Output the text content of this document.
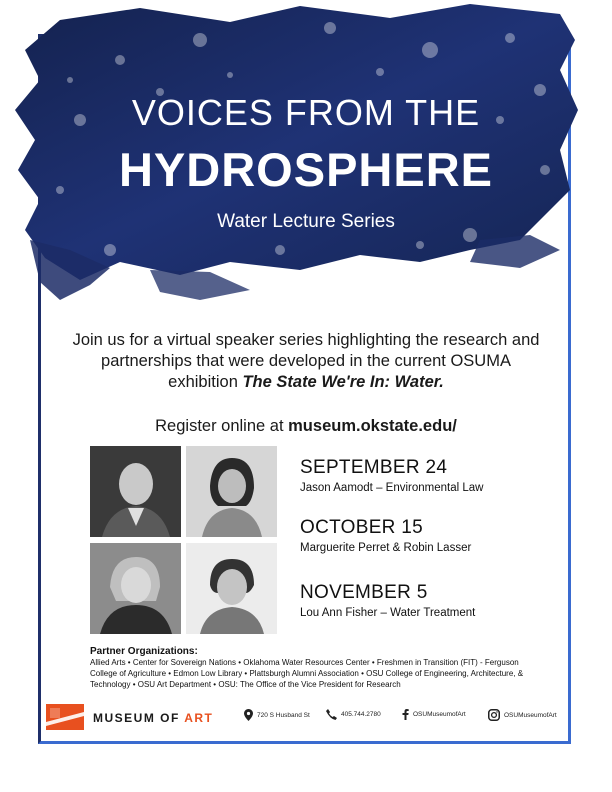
VOICES FROM THE
HYDROSPHERE
Water Lecture Series
Join us for a virtual speaker series highlighting the research and partnerships that were developed in the current OSUMA exhibition The State We're In: Water.
Register online at museum.okstate.edu/
SEPTEMBER 24
Jason Aamodt – Environmental Law
OCTOBER 15
Marguerite Perret & Robin Lasser
NOVEMBER 5
Lou Ann Fisher – Water Treatment
Partner Organizations:
Allied Arts • Center for Sovereign Nations • Oklahoma Water Resources Center • Freshmen in Transition (FIT) - Ferguson College of Agriculture • Edmon Low Library • Plattsburgh Alumni Association • OSU College of Engineering, Architecture, & Technology • OSU Art Department • OSU: The Office of the Vice President for Research
MUSEUM OF ART	720 S Husband St	405.744.2780	OSUMuseumofArt	OSUMuseumofArt
